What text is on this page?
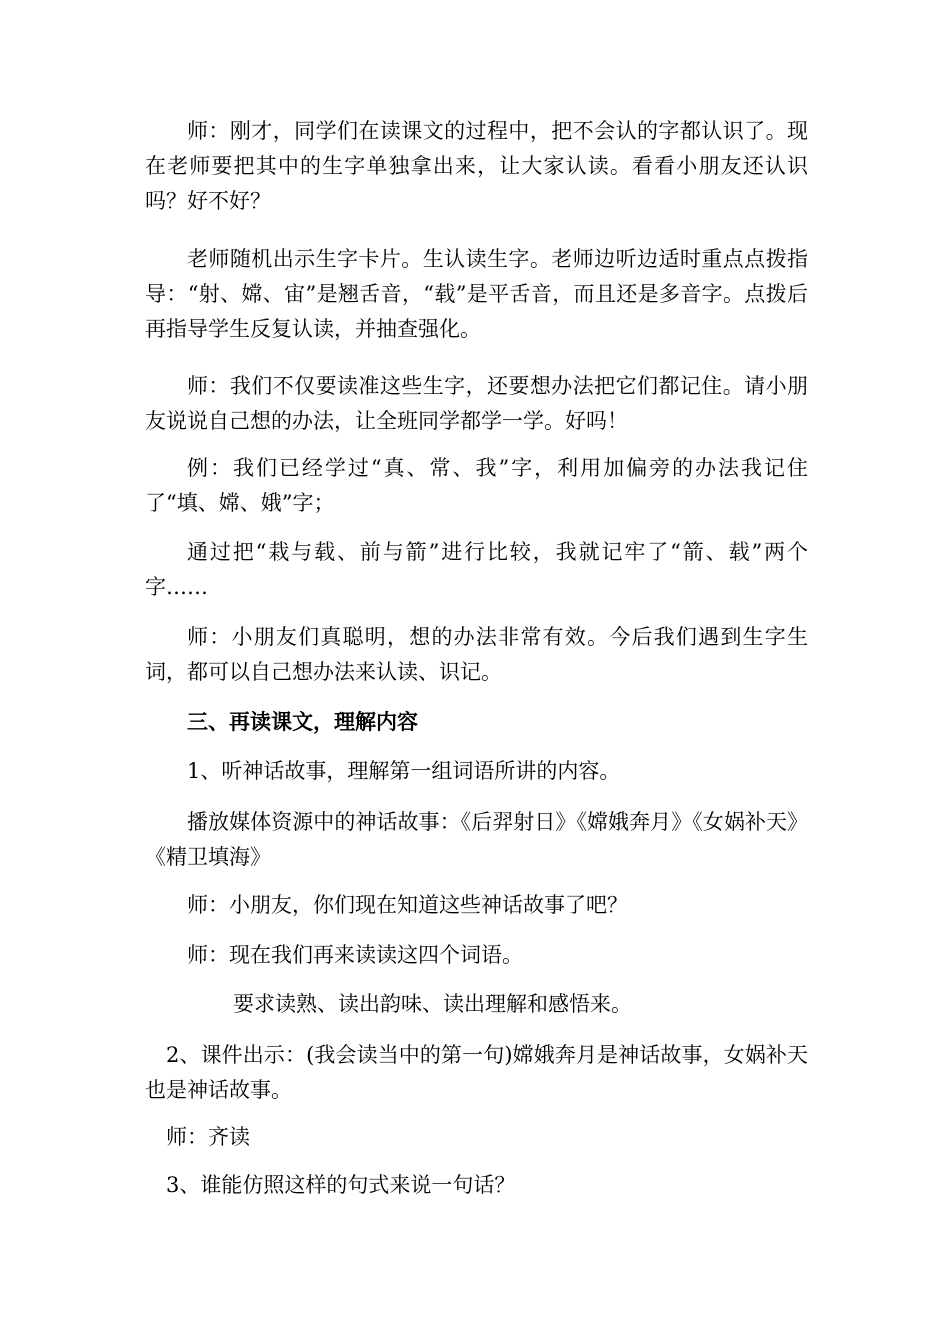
师：刚才，同学们在读课文的过程中，把不会认的字都认识了。现在老师要把其中的生字单独拿出来，让大家认读。看看小朋友还认识吗？好不好？

老师随机出示生字卡片。生认读生字。老师边听边适时重点点拨指导：“射、嫦、宙”是翘舌音，“载”是平舌音，而且还是多音字。点拨后再指导学生反复认读，并抽查强化。

师：我们不仅要读准这些生字，还要想办法把它们都记住。请小朋友说说自己想的办法，让全班同学都学一学。好吗！

例：我们已经学过“真、常、我”字，利用加偏旁的办法我记住了“填、嫦、娥”字；

通过把“栽与载、前与箭”进行比较，我就记牢了“箭、载”两个字……

师：小朋友们真聪明，想的办法非常有效。今后我们遇到生字生词，都可以自己想办法来认读、识记。

三、再读课文，理解内容

1、听神话故事，理解第一组词语所讲的内容。

播放媒体资源中的神话故事：《后羿射日》《嫦娥奔月》《女娲补天》《精卫填海》

师：小朋友，你们现在知道这些神话故事了吧？

师：现在我们再来读读这四个词语。

要求读熟、读出韵味、读出理解和感悟来。

2、课件出示：(我会读当中的第一句)嫦娥奔月是神话故事，女娲补天也是神话故事。

师：齐读

3、谁能仿照这样的句式来说一句话？
